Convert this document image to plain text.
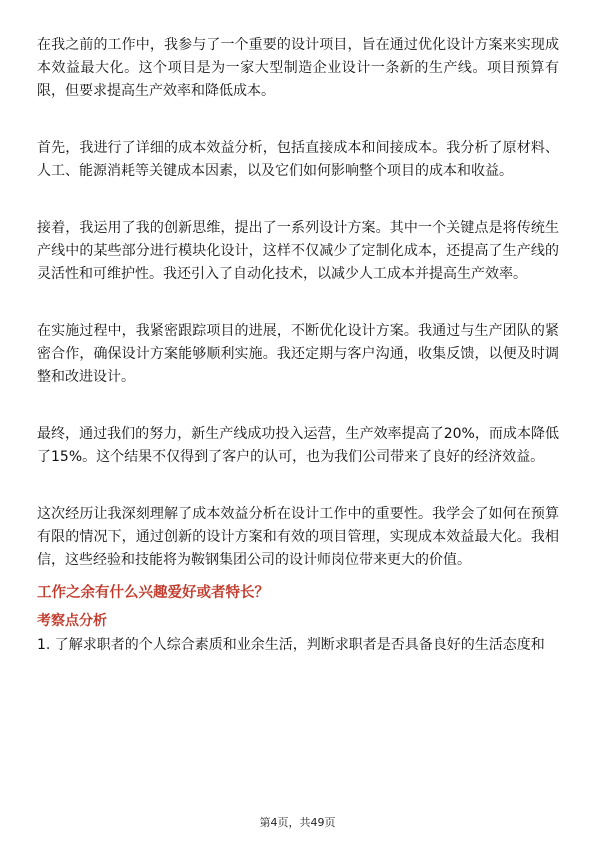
在我之前的工作中，我参与了一个重要的设计项目，旨在通过优化设计方案来实现成本效益最大化。这个项目是为一家大型制造企业设计一条新的生产线。项目预算有限，但要求提高生产效率和降低成本。

首先，我进行了详细的成本效益分析，包括直接成本和间接成本。我分析了原材料、人工、能源消耗等关键成本因素，以及它们如何影响整个项目的成本和收益。

接着，我运用了我的创新思维，提出了一系列设计方案。其中一个关键点是将传统生产线中的某些部分进行模块化设计，这样不仅减少了定制化成本，还提高了生产线的灵活性和可维护性。我还引入了自动化技术，以减少人工成本并提高生产效率。

在实施过程中，我紧密跟踪项目的进展，不断优化设计方案。我通过与生产团队的紧密合作，确保设计方案能够顺利实施。我还定期与客户沟通，收集反馈，以便及时调整和改进设计。

最终，通过我们的努力，新生产线成功投入运营，生产效率提高了20%，而成本降低了15%。这个结果不仅得到了客户的认可，也为我们公司带来了良好的经济效益。

这次经历让我深刻理解了成本效益分析在设计工作中的重要性。我学会了如何在预算有限的情况下，通过创新的设计方案和有效的项目管理，实现成本效益最大化。我相信，这些经验和技能将为鞍钢集团公司的设计师岗位带来更大的价值。

工作之余有什么兴趣爱好或者特长？
考察点分析

1. 了解求职者的个人综合素质和业余生活，判断求职者是否具备良好的生活态度和

第4页，共49页
